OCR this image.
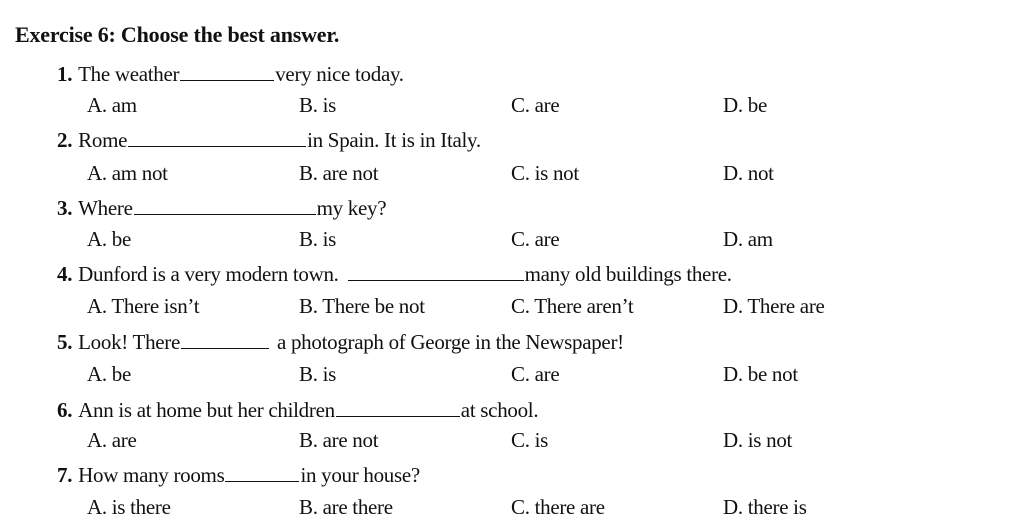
Exercise 6: Choose the best answer.
1. The weather	very nice today.
A. am	B. is	C. are	D. be
2. Rome	in Spain. It is in Italy.
A. am not	B. are not	C. is not	D. not
3. Where	my key?
A. be	B. is	C. are	D. am
4. Dunford is a very modern town.	many old buildings there.
A. There isn’t	B. There be not	C. There aren’t	D. There are
5. Look! There	a photograph of George in the Newspaper!
A. be	B. is	C. are	D. be not
6. Ann is at home but her children	at school.
A. are	B. are not	C. is	D. is not
7. How many rooms	in your house?
A. is there	B. are there	C. there are	D. there is
